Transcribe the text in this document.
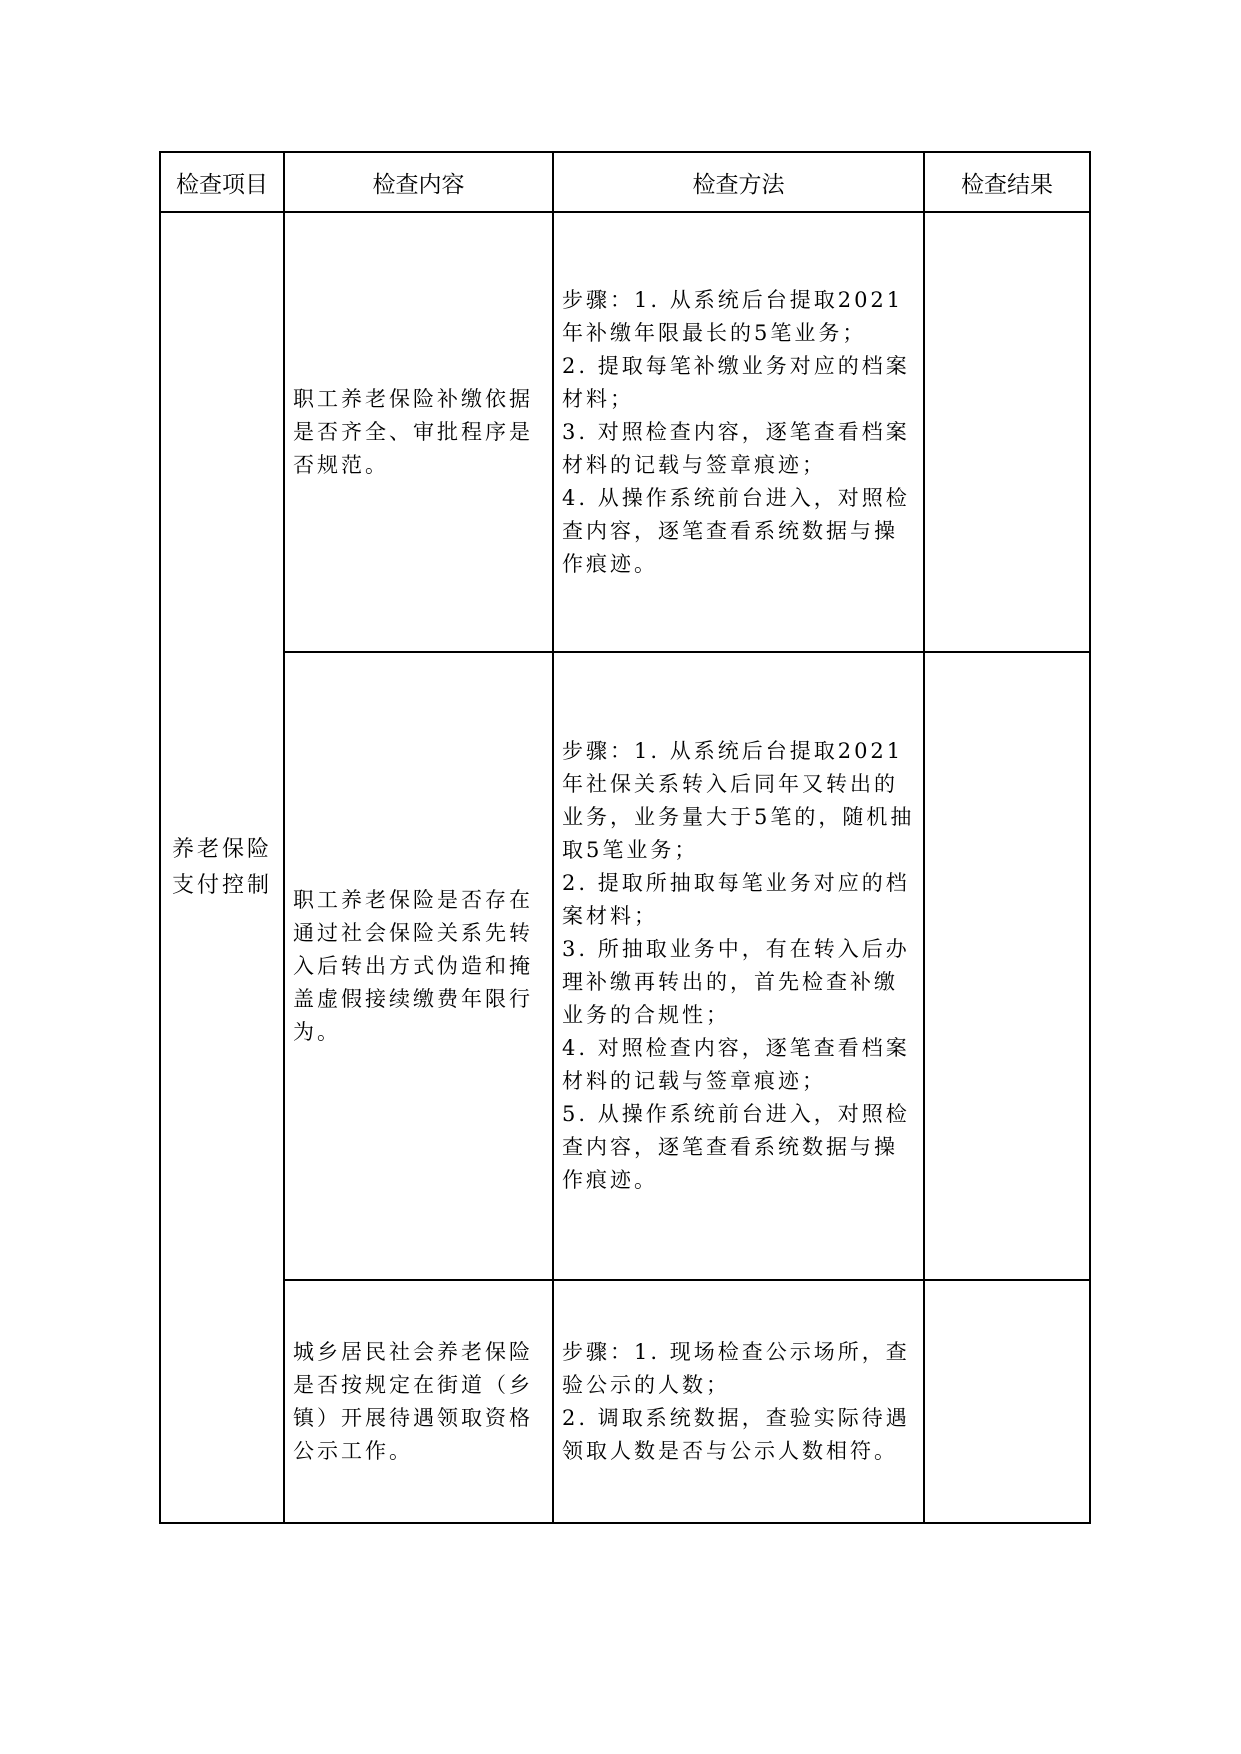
检查项目	检查内容	检查方法	检查结果

养老保险
支付控制	职工养老保险补缴依据是否齐全、审批程序是否规范。	步骤：1. 从系统后台提取2021年补缴年限最长的5笔业务；
2. 提取每笔补缴业务对应的档案材料；
3. 对照检查内容，逐笔查看档案材料的记载与签章痕迹；
4. 从操作系统前台进入，对照检查内容，逐笔查看系统数据与操作痕迹。	

	职工养老保险是否存在通过社会保险关系先转入后转出方式伪造和掩盖虚假接续缴费年限行为。	步骤：1. 从系统后台提取2021年社保关系转入后同年又转出的业务，业务量大于5笔的，随机抽取5笔业务；
2. 提取所抽取每笔业务对应的档案材料；
3. 所抽取业务中，有在转入后办理补缴再转出的，首先检查补缴业务的合规性；
4. 对照检查内容，逐笔查看档案材料的记载与签章痕迹；
5. 从操作系统前台进入，对照检查内容，逐笔查看系统数据与操作痕迹。	

	城乡居民社会养老保险是否按规定在街道（乡镇）开展待遇领取资格公示工作。	步骤：1. 现场检查公示场所，查验公示的人数；
2. 调取系统数据，查验实际待遇领取人数是否与公示人数相符。	
